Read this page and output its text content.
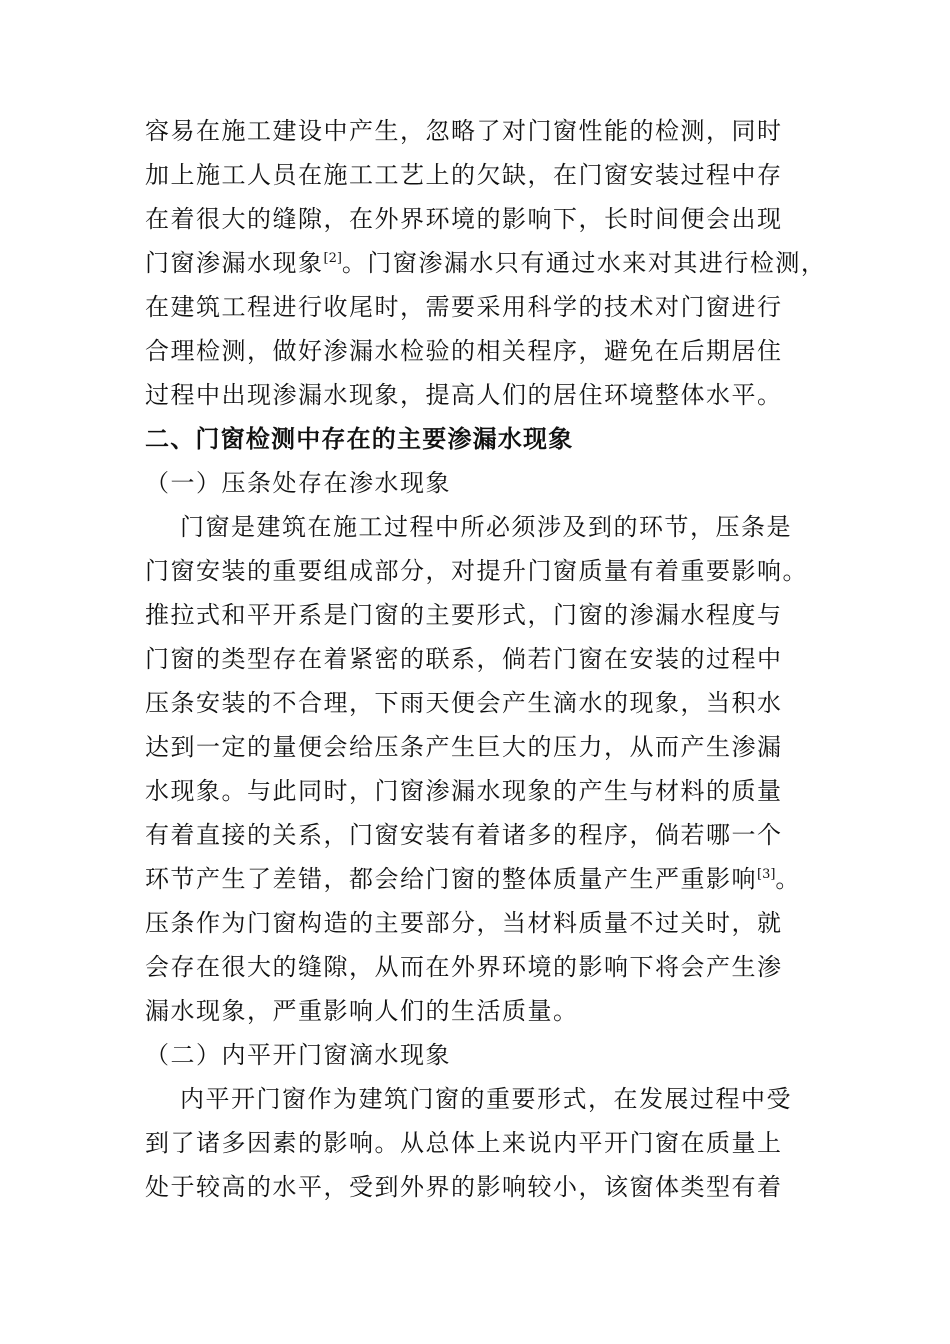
容易在施工建设中产生，忽略了对门窗性能的检测，同时
加上施工人员在施工工艺上的欠缺，在门窗安装过程中存
在着很大的缝隙，在外界环境的影响下，长时间便会出现
门窗渗漏水现象[2]。门窗渗漏水只有通过水来对其进行检测，
在建筑工程进行收尾时，需要采用科学的技术对门窗进行
合理检测，做好渗漏水检验的相关程序，避免在后期居住
过程中出现渗漏水现象，提高人们的居住环境整体水平。
二、门窗检测中存在的主要渗漏水现象
（一）压条处存在渗水现象
门窗是建筑在施工过程中所必须涉及到的环节，压条是
门窗安装的重要组成部分，对提升门窗质量有着重要影响。
推拉式和平开系是门窗的主要形式，门窗的渗漏水程度与
门窗的类型存在着紧密的联系，倘若门窗在安装的过程中
压条安装的不合理，下雨天便会产生滴水的现象，当积水
达到一定的量便会给压条产生巨大的压力，从而产生渗漏
水现象。与此同时，门窗渗漏水现象的产生与材料的质量
有着直接的关系，门窗安装有着诸多的程序，倘若哪一个
环节产生了差错，都会给门窗的整体质量产生严重影响[3]。
压条作为门窗构造的主要部分，当材料质量不过关时，就
会存在很大的缝隙，从而在外界环境的影响下将会产生渗
漏水现象，严重影响人们的生活质量。
（二）内平开门窗滴水现象
内平开门窗作为建筑门窗的重要形式，在发展过程中受
到了诸多因素的影响。从总体上来说内平开门窗在质量上
处于较高的水平，受到外界的影响较小，该窗体类型有着
